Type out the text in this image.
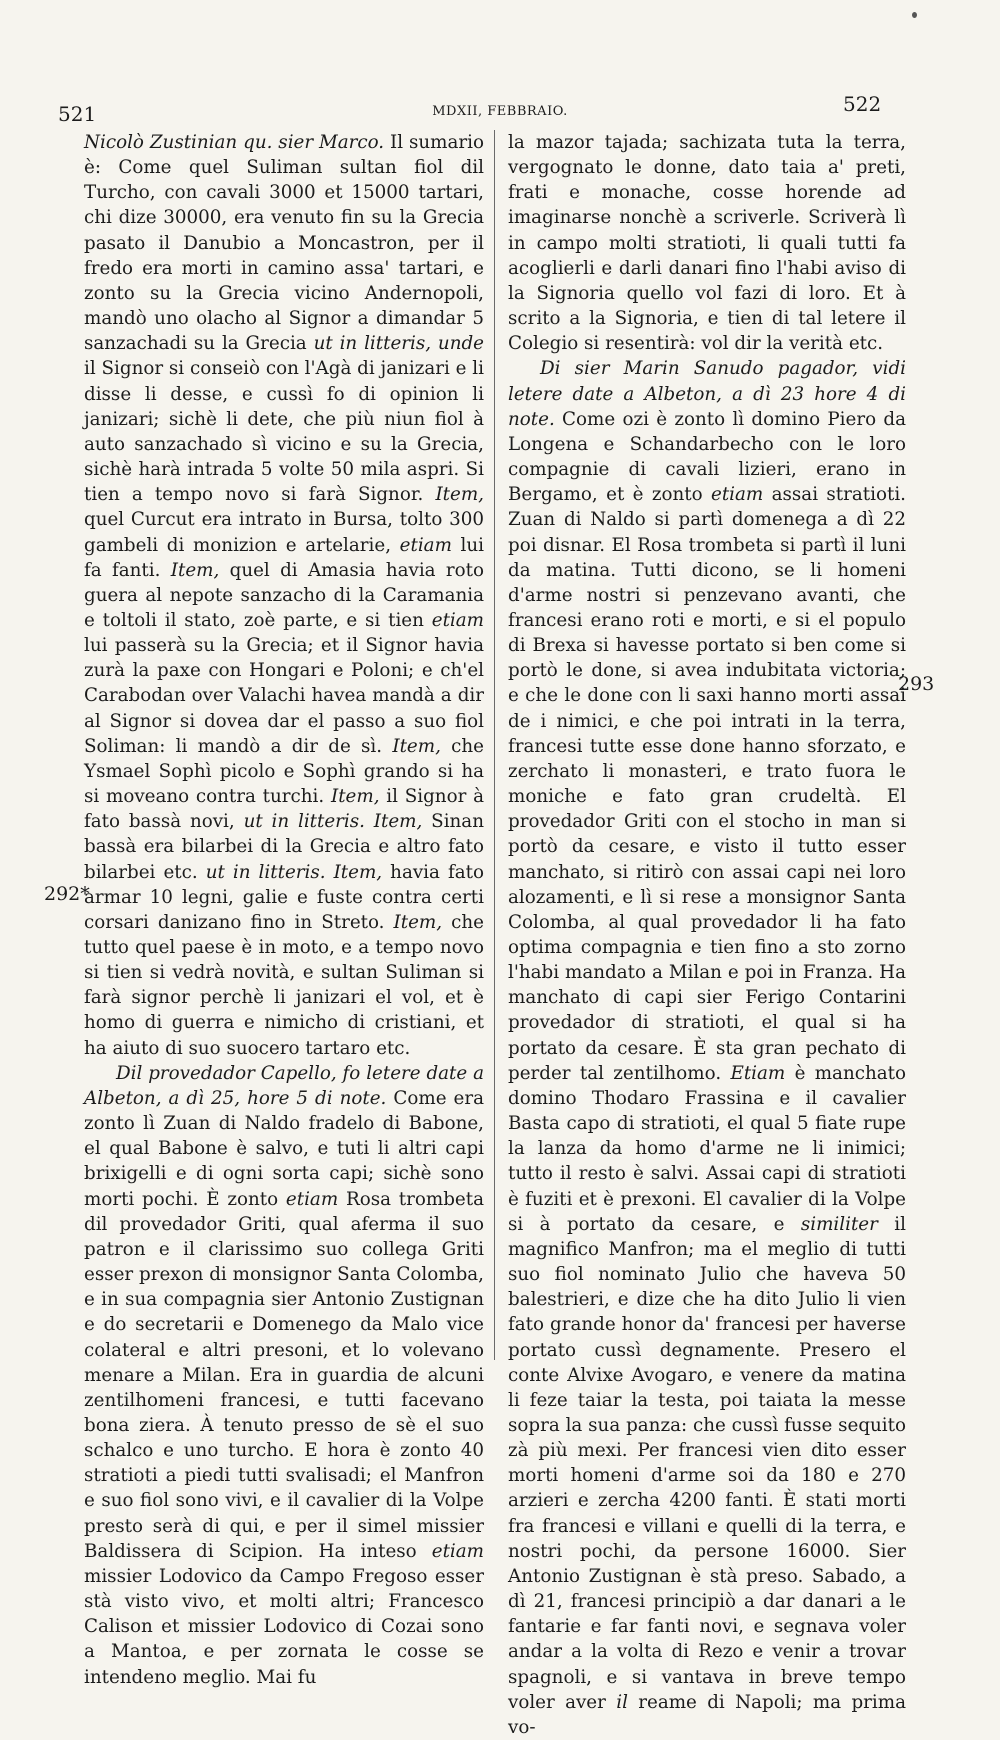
521	MDXII, FEBBRAIO.	522
292*
293

Nicolò Zustinian qu. sier Marco. Il sumario è: Come quel Suliman sultan fiol dil Turcho, con cavali 3000 et 15000 tartari, chi dize 30000, era venuto fin su la Grecia pasato il Danubio a Moncastron, per il fredo era morti in camino assa' tartari, e zonto su la Grecia vicino Andernopoli, mandò uno olacho al Signor a dimandar 5 sanzachadi su la Grecia ut in litteris, unde il Signor si conseiò con l'Agà di janizari e li disse li desse, e cussì fo di opinion li janizari; sichè li dete, che più niun fiol à auto sanzachado sì vicino e su la Grecia, sichè harà intrada 5 volte 50 mila aspri. Si tien a tempo novo si farà Signor. Item, quel Curcut era intrato in Bursa, tolto 300 gambeli di monizion e artelarie, etiam lui fa fanti. Item, quel di Amasia havia roto guera al nepote sanzacho di la Caramania e toltoli il stato, zoè parte, e si tien etiam lui passerà su la Grecia; et il Signor havia zurà la paxe con Hongari e Poloni; e ch'el Carabodan over Valachi havea mandà a dir al Signor si dovea dar el passo a suo fiol Soliman: li mandò a dir de sì. Item, che Ysmael Sophì picolo e Sophì grando si ha si moveano contra turchi. Item, il Signor à fato bassà novi, ut in litteris. Item, Sinan bassà era bilarbei di la Grecia e altro fato bilarbei etc. ut in litteris. Item, havia fato armar 10 legni, galie e fuste contra certi corsari danizano fino in Streto. Item, che tutto quel paese è in moto, e a tempo novo si tien si vedrà novità, e sultan Suliman si farà signor perchè li janizari el vol, et è homo di guerra e nimicho di cristiani, et ha aiuto di suo suocero tartaro etc.

Dil provedador Capello, fo letere date a Albeton, a dì 25, hore 5 di note. Come era zonto lì Zuan di Naldo fradelo di Babone, el qual Babone è salvo, e tuti li altri capi brixigelli e di ogni sorta capi; sichè sono morti pochi. È zonto etiam Rosa trombeta dil provedador Griti, qual aferma il suo patron e il clarissimo suo collega Griti esser prexon di monsignor Santa Colomba, e in sua compagnia sier Antonio Zustignan e do secretarii e Domenego da Malo vice colateral e altri presoni, et lo volevano menare a Milan. Era in guardia de alcuni zentilhomeni francesi, e tutti facevano bona ziera. À tenuto presso de sè el suo schalco e uno turcho. E hora è zonto 40 stratioti a piedi tutti svalisadi; el Manfron e suo fiol sono vivi, e il cavalier di la Volpe presto serà di qui, e per il simel missier Baldissera di Scipion. Ha inteso etiam missier Lodovico da Campo Fregoso esser stà visto vivo, et molti altri; Francesco Calison et missier Lodovico di Cozai sono a Mantoa, e per zornata le cosse se intendeno meglio. Mai fu

la mazor tajada; sachizata tuta la terra, vergognato le donne, dato taia a' preti, frati e monache, cosse horende ad imaginarse nonchè a scriverle. Scriverà lì in campo molti stratioti, li quali tutti fa acoglierli e darli danari fino l'habi aviso di la Signoria quello vol fazi di loro. Et à scrito a la Signoria, e tien di tal letere il Colegio si resentirà: vol dir la verità etc.

Di sier Marin Sanudo pagador, vidi letere date a Albeton, a dì 23 hore 4 di note. Come ozi è zonto lì domino Piero da Longena e Schandarbecho con le loro compagnie di cavali lizieri, erano in Bergamo, et è zonto etiam assai stratioti. Zuan di Naldo si partì domenega a dì 22 poi disnar. El Rosa trombeta si partì il luni da matina. Tutti dicono, se li homeni d'arme nostri si penzevano avanti, che francesi erano roti e morti, e si el populo di Brexa si havesse portato si ben come si portò le done, si avea indubitata victoria; e che le done con li saxi hanno morti assai de i nimici, e che poi intrati in la terra, francesi tutte esse done hanno sforzato, e zerchato li monasteri, e trato fuora le moniche e fato gran crudeltà. El provedador Griti con el stocho in man si portò da cesare, e visto il tutto esser manchato, si ritirò con assai capi nei loro alozamenti, e lì si rese a monsignor Santa Colomba, al qual provedador li ha fato optima compagnia e tien fino a sto zorno l'habi mandato a Milan e poi in Franza. Ha manchato di capi sier Ferigo Contarini provedador di stratioti, el qual si ha portato da cesare. È sta gran pechato di perder tal zentilhomo. Etiam è manchato domino Thodaro Frassina e il cavalier Basta capo di stratioti, el qual 5 fiate rupe la lanza da homo d'arme ne li inimici; tutto il resto è salvi. Assai capi di stratioti è fuziti et è prexoni. El cavalier di la Volpe si à portato da cesare, e similiter il magnifico Manfron; ma el meglio di tutti suo fiol nominato Julio che haveva 50 balestrieri, e dize che ha dito Julio li vien fato grande honor da' francesi per haverse portato cussì degnamente. Presero el conte Alvixe Avogaro, e venere da matina li feze taiar la testa, poi taiata la messe sopra la sua panza: che cussì fusse sequito zà più mexi. Per francesi vien dito esser morti homeni d'arme soi da 180 e 270 arzieri e zercha 4200 fanti. È stati morti fra francesi e villani e quelli di la terra, e nostri pochi, da persone 16000. Sier Antonio Zustignan è stà preso. Sabado, a dì 21, francesi principiò a dar danari a le fantarie e far fanti novi, e segnava voler andar a la volta di Rezo e venir a trovar spagnoli, e si vantava in breve tempo voler aver il reame di Napoli; ma prima vo-
